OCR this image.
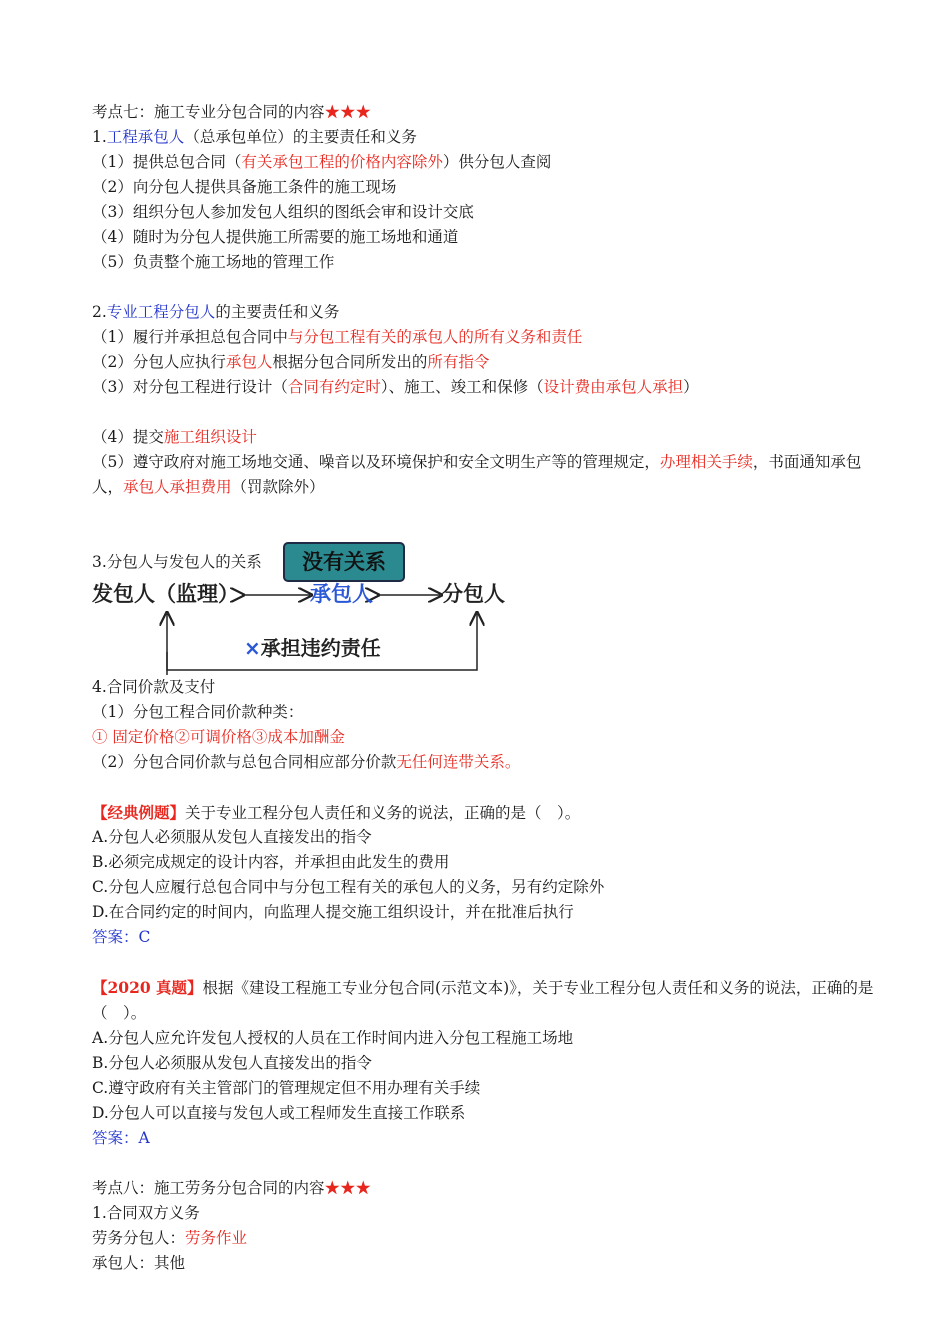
考点七：施工专业分包合同的内容★★★
1.工程承包人（总承包单位）的主要责任和义务
（1）提供总包合同（有关承包工程的价格内容除外）供分包人查阅
（2）向分包人提供具备施工条件的施工现场
（3）组织分包人参加发包人组织的图纸会审和设计交底
（4）随时为分包人提供施工所需要的施工场地和通道
（5）负责整个施工场地的管理工作
2.专业工程分包人的主要责任和义务
（1）履行并承担总包合同中与分包工程有关的承包人的所有义务和责任
（2）分包人应执行承包人根据分包合同所发出的所有指令
（3）对分包工程进行设计（合同有约定时）、施工、竣工和保修（设计费由承包人承担）
（4）提交施工组织设计
（5）遵守政府对施工场地交通、噪音以及环境保护和安全文明生产等的管理规定，办理相关手续，书面通知承包人，承包人承担费用（罚款除外）
3.分包人与发包人的关系
发包人（监理）	承包人	分包人
没有关系
×承担违约责任
4.合同价款及支付
（1）分包工程合同价款种类：
① 固定价格②可调价格③成本加酬金
（2）分包合同价款与总包合同相应部分价款无任何连带关系。
【经典例题】关于专业工程分包人责任和义务的说法，正确的是（　）。
A.分包人必须服从发包人直接发出的指令
B.必须完成规定的设计内容，并承担由此发生的费用
C.分包人应履行总包合同中与分包工程有关的承包人的义务，另有约定除外
D.在合同约定的时间内，向监理人提交施工组织设计，并在批准后执行
答案：C
【2020 真题】根据《建设工程施工专业分包合同(示范文本)》，关于专业工程分包人责任和义务的说法，正确的是（　）。
A.分包人应允许发包人授权的人员在工作时间内进入分包工程施工场地
B.分包人必须服从发包人直接发出的指令
C.遵守政府有关主管部门的管理规定但不用办理有关手续
D.分包人可以直接与发包人或工程师发生直接工作联系
答案：A
考点八：施工劳务分包合同的内容★★★
1.合同双方义务
劳务分包人：劳务作业
承包人：其他
